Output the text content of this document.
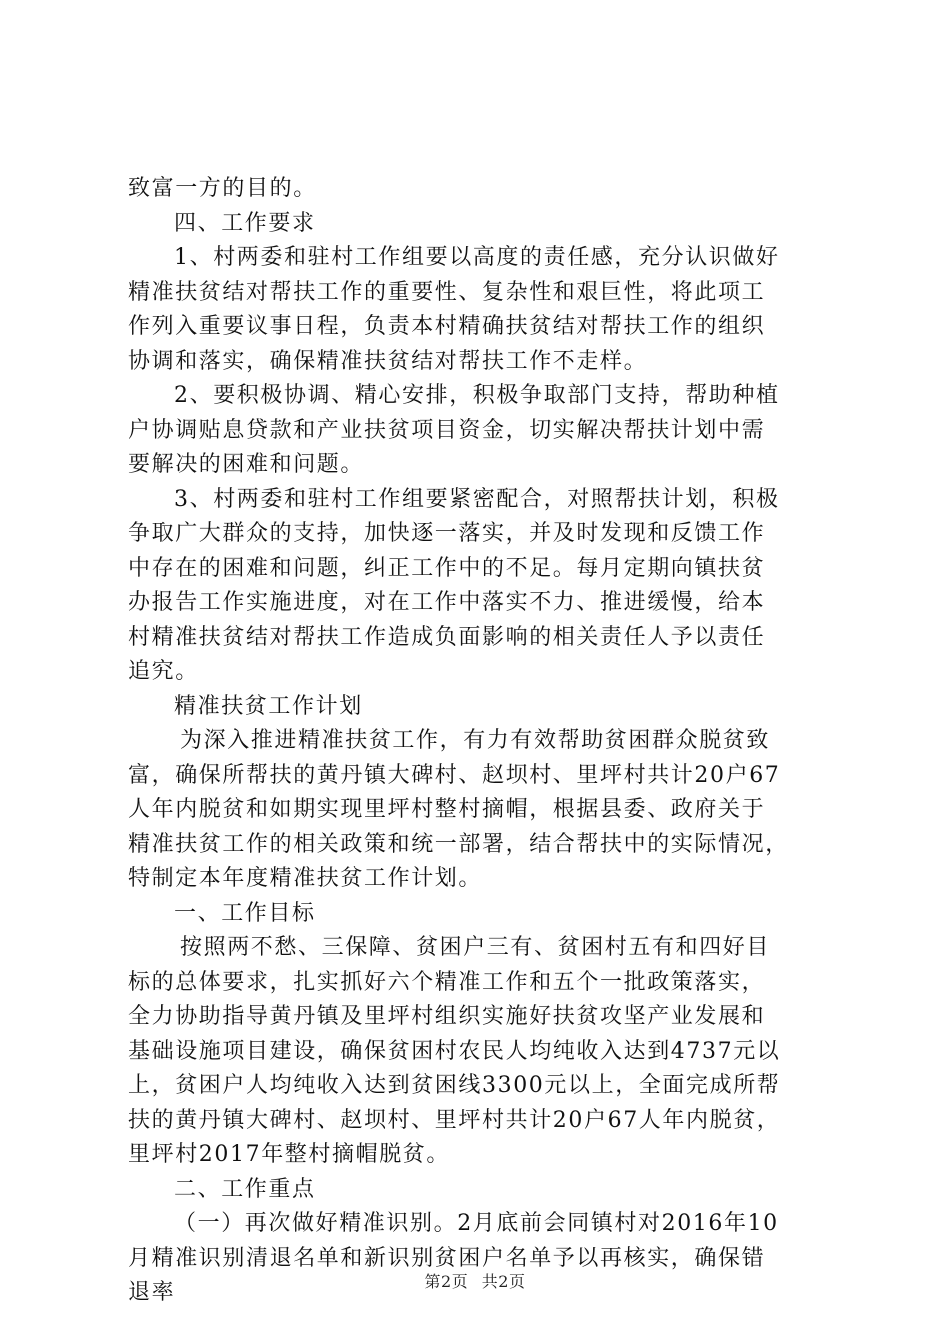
致富一方的目的。
四、工作要求
1、村两委和驻村工作组要以高度的责任感，充分认识做好
精准扶贫结对帮扶工作的重要性、复杂性和艰巨性，将此项工
作列入重要议事日程，负责本村精确扶贫结对帮扶工作的组织
协调和落实，确保精准扶贫结对帮扶工作不走样。
2、要积极协调、精心安排，积极争取部门支持，帮助种植
户协调贴息贷款和产业扶贫项目资金，切实解决帮扶计划中需
要解决的困难和问题。
3、村两委和驻村工作组要紧密配合，对照帮扶计划，积极
争取广大群众的支持，加快逐一落实，并及时发现和反馈工作
中存在的困难和问题，纠正工作中的不足。每月定期向镇扶贫
办报告工作实施进度，对在工作中落实不力、推进缓慢，给本
村精准扶贫结对帮扶工作造成负面影响的相关责任人予以责任
追究。
精准扶贫工作计划
为深入推进精准扶贫工作，有力有效帮助贫困群众脱贫致
富，确保所帮扶的黄丹镇大碑村、赵坝村、里坪村共计20户67
人年内脱贫和如期实现里坪村整村摘帽，根据县委、政府关于
精准扶贫工作的相关政策和统一部署，结合帮扶中的实际情况，
特制定本年度精准扶贫工作计划。
一、工作目标
按照两不愁、三保障、贫困户三有、贫困村五有和四好目
标的总体要求，扎实抓好六个精准工作和五个一批政策落实，
全力协助指导黄丹镇及里坪村组织实施好扶贫攻坚产业发展和
基础设施项目建设，确保贫困村农民人均纯收入达到4737元以
上，贫困户人均纯收入达到贫困线3300元以上，全面完成所帮
扶的黄丹镇大碑村、赵坝村、里坪村共计20户67人年内脱贫，
里坪村2017年整村摘帽脱贫。
二、工作重点
（一）再次做好精准识别。2月底前会同镇村对2016年10
月精准识别清退名单和新识别贫困户名单予以再核实，确保错
退率	第2页 共2页
